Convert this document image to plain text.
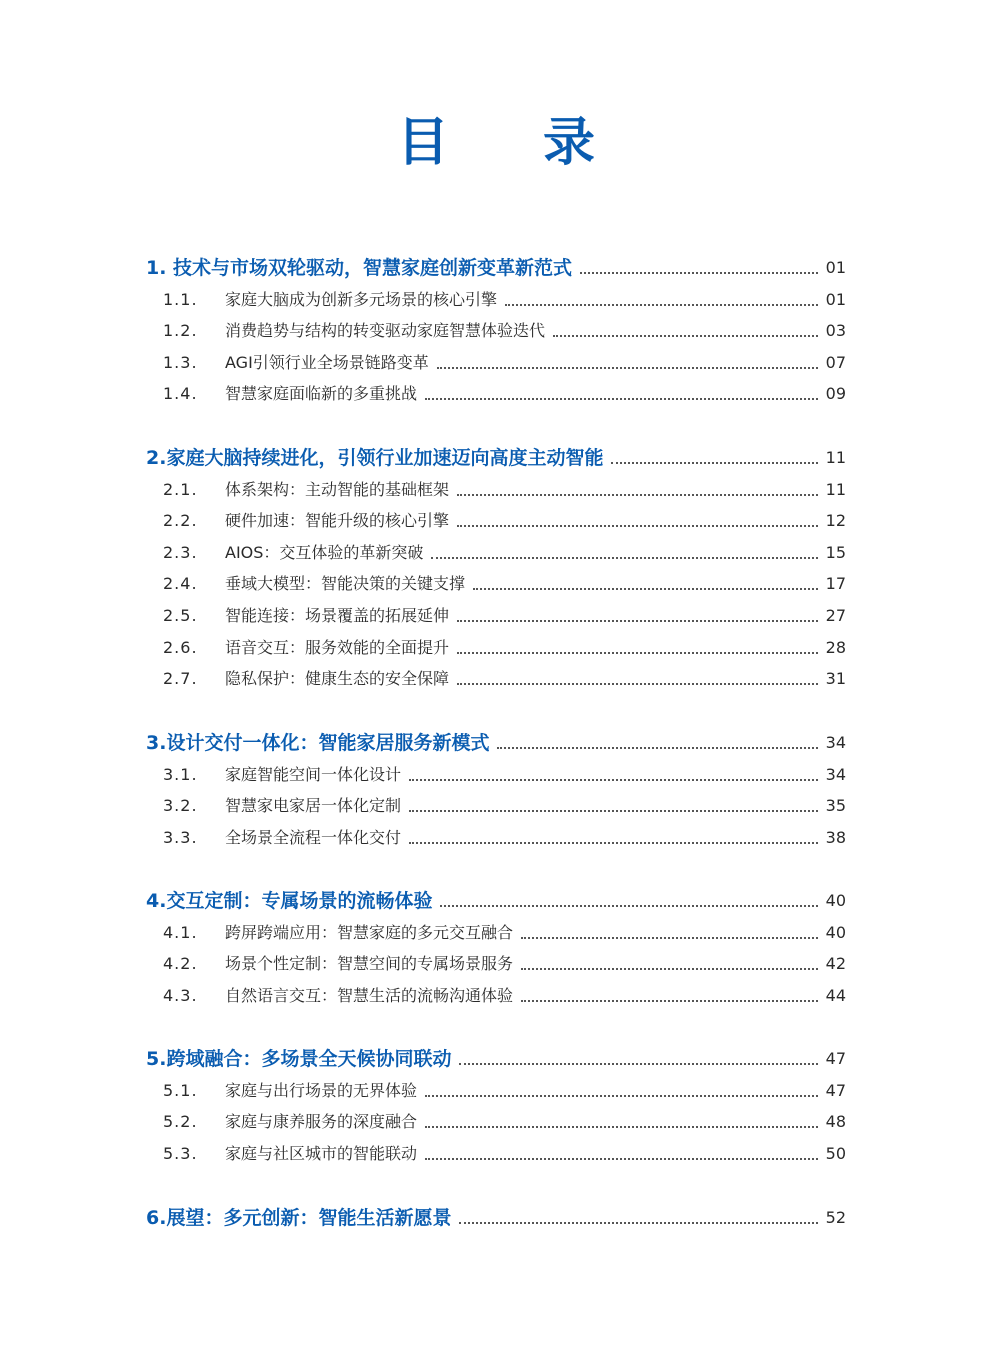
目 录
1. 技术与市场双轮驱动，智慧家庭创新变革新范式	01
1.1.	家庭大脑成为创新多元场景的核心引擎	01
1.2.	消费趋势与结构的转变驱动家庭智慧体验迭代	03
1.3.	AGI引领行业全场景链路变革	07
1.4.	智慧家庭面临新的多重挑战	09
2.家庭大脑持续进化，引领行业加速迈向高度主动智能	11
2.1.	体系架构：主动智能的基础框架	11
2.2.	硬件加速：智能升级的核心引擎	12
2.3.	AIOS：交互体验的革新突破	15
2.4.	垂域大模型：智能决策的关键支撑	17
2.5.	智能连接：场景覆盖的拓展延伸	27
2.6.	语音交互：服务效能的全面提升	28
2.7.	隐私保护：健康生态的安全保障	31
3.设计交付一体化：智能家居服务新模式	34
3.1.	家庭智能空间一体化设计	34
3.2.	智慧家电家居一体化定制	35
3.3.	全场景全流程一体化交付	38
4.交互定制：专属场景的流畅体验	40
4.1.	跨屏跨端应用：智慧家庭的多元交互融合	40
4.2.	场景个性定制：智慧空间的专属场景服务	42
4.3.	自然语言交互：智慧生活的流畅沟通体验	44
5.跨域融合：多场景全天候协同联动	47
5.1.	家庭与出行场景的无界体验	47
5.2.	家庭与康养服务的深度融合	48
5.3.	家庭与社区城市的智能联动	50
6.展望：多元创新：智能生活新愿景	52
